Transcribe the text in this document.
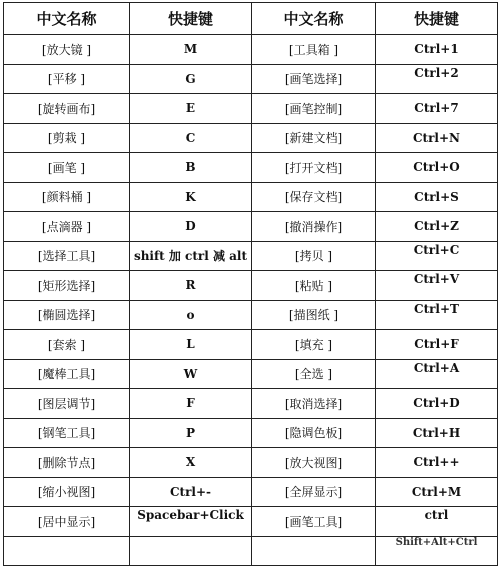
中文名称	快捷键	中文名称	快捷键
[放大镜 ]	M	[工具箱 ]	Ctrl+1
[平移 ]	G	[画笔选择]	Ctrl+2
[旋转画布]	E	[画笔控制]	Ctrl+7
[剪栽 ]	C	[新建文档]	Ctrl+N
[画笔 ]	B	[打开文档]	Ctrl+O
[颜料桶 ]	K	[保存文档]	Ctrl+S
[点滴器 ]	D	[撤消操作]	Ctrl+Z
[选择工具]	shift 加 ctrl 减 alt	[拷贝 ]	Ctrl+C
[矩形选择]	R	[粘贴 ]	Ctrl+V
[椭圆选择]	o	[描图纸 ]	Ctrl+T
[套索 ]	L	[填充 ]	Ctrl+F
[魔棒工具]	W	[全选 ]	Ctrl+A
[图层调节]	F	[取消选择]	Ctrl+D
[钢笔工具]	P	[隐调色板]	Ctrl+H
[删除节点]	X	[放大视图]	Ctrl++
[缩小视图]	Ctrl+-	[全屏显示]	Ctrl+M
[居中显示]	Spacebar+Click	[画笔工具]	ctrl
			$^{Shift+Alt+Ctrl}$
